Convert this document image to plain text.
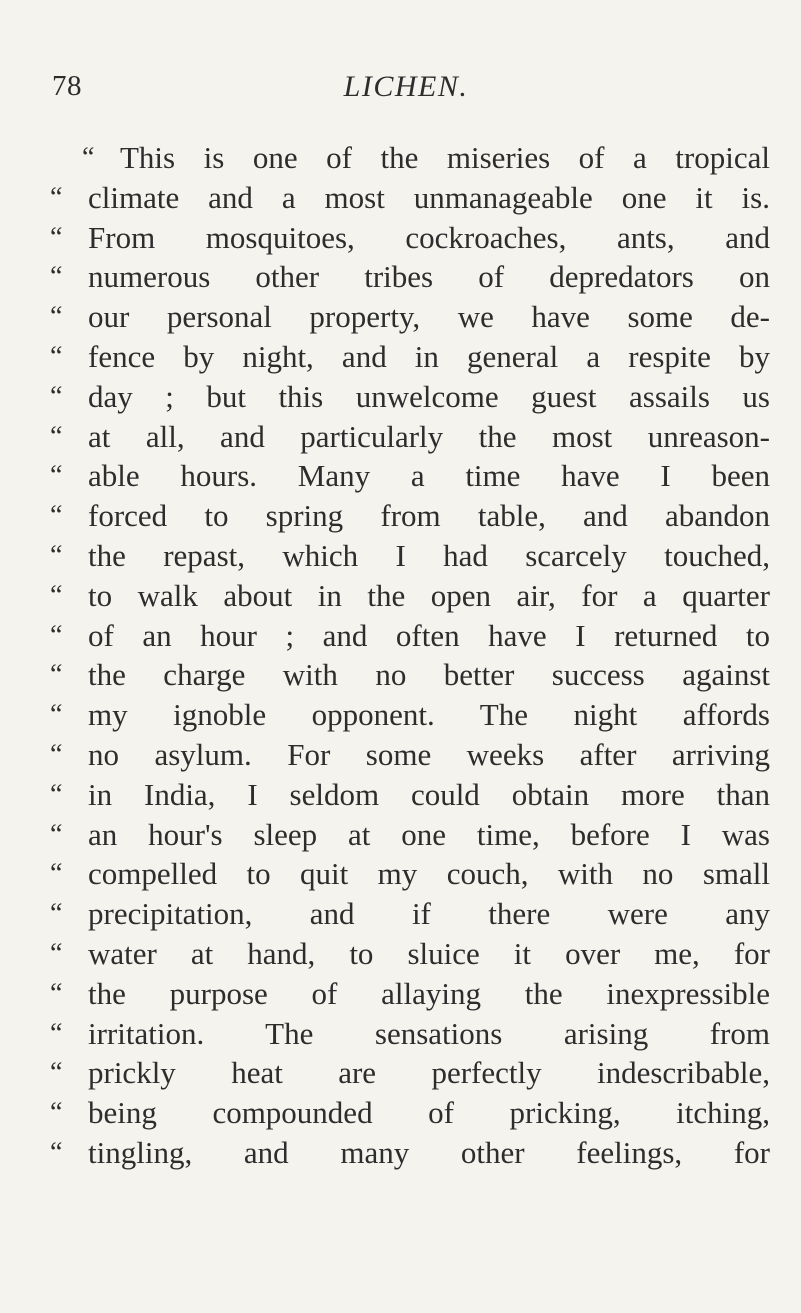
78	LICHEN.
“ This is one of the miseries of a tropical
“ climate and a most unmanageable one it is.
“ From mosquitoes, cockroaches, ants, and
“ numerous other tribes of depredators on
“ our personal property, we have some de-
“ fence by night, and in general a respite by
“ day ; but this unwelcome guest assails us
“ at all, and particularly the most unreason-
“ able hours. Many a time have I been
“ forced to spring from table, and abandon
“ the repast, which I had scarcely touched,
“ to walk about in the open air, for a quarter
“ of an hour ; and often have I returned to
“ the charge with no better success against
“ my ignoble opponent. The night affords
“ no asylum. For some weeks after arriving
“ in India, I seldom could obtain more than
“ an hour's sleep at one time, before I was
“ compelled to quit my couch, with no small
“ precipitation, and if there were any
“ water at hand, to sluice it over me, for
“ the purpose of allaying the inexpressible
“ irritation. The sensations arising from
“ prickly heat are perfectly indescribable,
“ being compounded of pricking, itching,
“ tingling, and many other feelings, for
